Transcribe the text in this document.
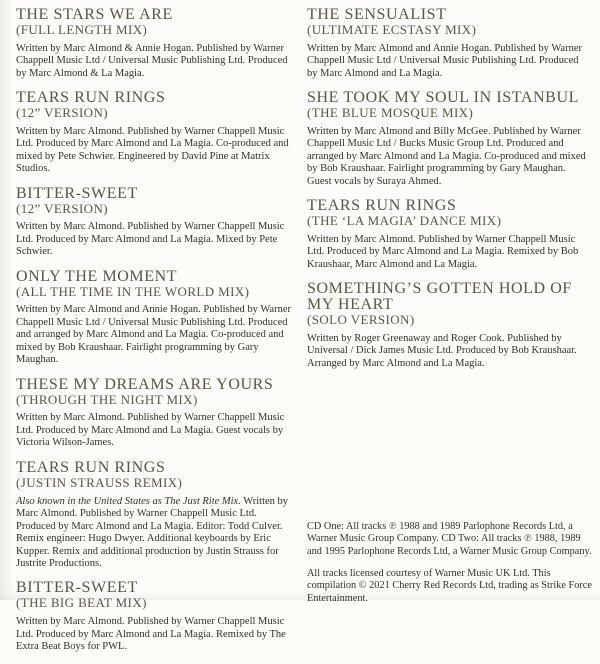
THE STARS WE ARE
(FULL LENGTH MIX)

Written by Marc Almond & Annie Hogan. Published by Warner Chappell Music Ltd / Universal Music Publishing Ltd. Produced by Marc Almond & La Magia.

TEARS RUN RINGS
(12” VERSION)

Written by Marc Almond. Published by Warner Chappell Music Ltd. Produced by Marc Almond and La Magia. Co-produced and mixed by Pete Schwier. Engineered by David Pine at Matrix Studios.

BITTER-SWEET
(12” VERSION)

Written by Marc Almond. Published by Warner Chappell Music Ltd. Produced by Marc Almond and La Magia. Mixed by Pete Schwier.

ONLY THE MOMENT
(ALL THE TIME IN THE WORLD MIX)

Written by Marc Almond and Annie Hogan. Published by Warner Chappell Music Ltd / Universal Music Publishing Ltd. Produced and arranged by Marc Almond and La Magia. Co-produced and mixed by Bob Kraushaar. Fairlight programming by Gary Maughan.

THESE MY DREAMS ARE YOURS
(THROUGH THE NIGHT MIX)

Written by Marc Almond. Published by Warner Chappell Music Ltd. Produced by Marc Almond and La Magia. Guest vocals by Victoria Wilson-James.

TEARS RUN RINGS
(JUSTIN STRAUSS REMIX)

Also known in the United States as The Just Rite Mix. Written by Marc Almond. Published by Warner Chappell Music Ltd. Produced by Marc Almond and La Magia. Editor: Todd Culver. Remix engineer: Hugo Dwyer. Additional keyboards by Eric Kupper. Remix and additional production by Justin Strauss for Justrite Productions.

BITTER-SWEET
(THE BIG BEAT MIX)

Written by Marc Almond. Published by Warner Chappell Music Ltd. Produced by Marc Almond and La Magia. Remixed by The Extra Beat Boys for PWL.

THE SENSUALIST
(ULTIMATE ECSTASY MIX)

Written by Marc Almond and Annie Hogan. Published by Warner Chappell Music Ltd / Universal Music Publishing Ltd. Produced by Marc Almond and La Magia.

SHE TOOK MY SOUL IN ISTANBUL
(THE BLUE MOSQUE MIX)

Written by Marc Almond and Billy McGee. Published by Warner Chappell Music Ltd / Bucks Music Group Ltd. Produced and arranged by Marc Almond and La Magia. Co-produced and mixed by Bob Kraushaar. Fairlight programming by Gary Maughan. Guest vocals by Suraya Ahmed.

TEARS RUN RINGS
(THE ‘LA MAGIA’ DANCE MIX)

Written by Marc Almond. Published by Warner Chappell Music Ltd. Produced by Marc Almond and La Magia. Remixed by Bob Kraushaar, Marc Almond and La Magia.

SOMETHING’S GOTTEN HOLD OF MY HEART
(SOLO VERSION)

Written by Roger Greenaway and Roger Cook. Published by Universal / Dick James Music Ltd. Produced by Bob Kraushaar. Arranged by Marc Almond and La Magia.

CD One: All tracks ℗ 1988 and 1989 Parlophone Records Ltd, a Warner Music Group Company. CD Two: All tracks ℗ 1988, 1989 and 1995 Parlophone Records Ltd, a Warner Music Group Company.

All tracks licensed courtesy of Warner Music UK Ltd. This compilation © 2021 Cherry Red Records Ltd, trading as Strike Force Entertainment.
